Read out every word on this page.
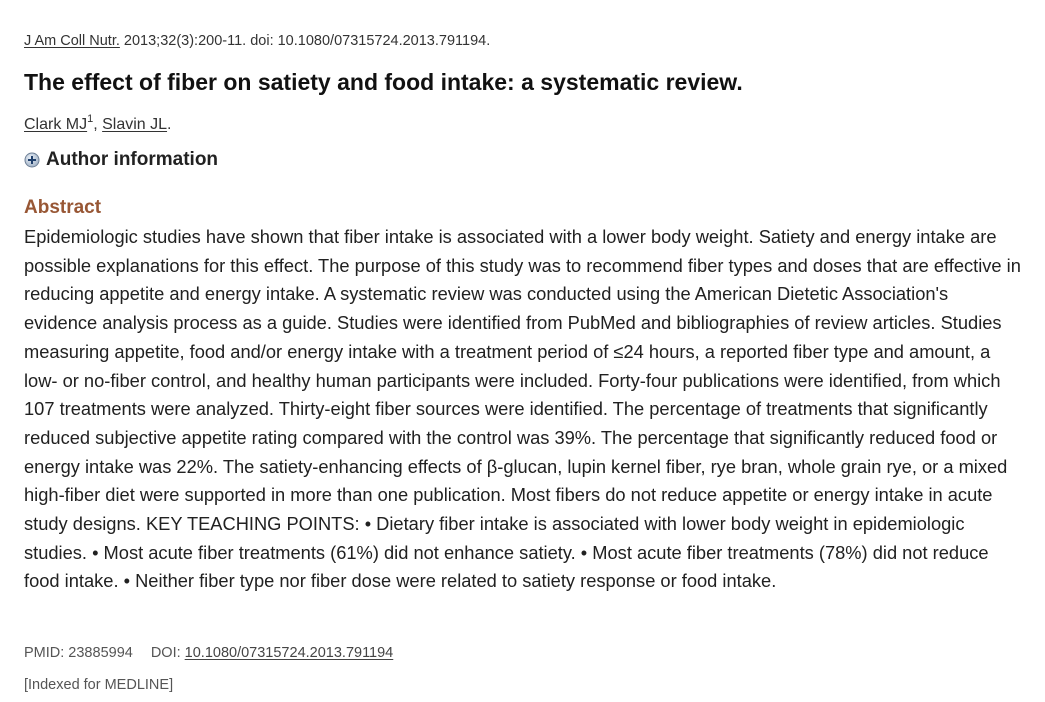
J Am Coll Nutr. 2013;32(3):200-11. doi: 10.1080/07315724.2013.791194.
The effect of fiber on satiety and food intake: a systematic review.
Clark $MJ^1$, Slavin JL.
Author information
Abstract

Epidemiologic studies have shown that fiber intake is associated with a lower body weight. Satiety and energy intake are possible explanations for this effect. The purpose of this study was to recommend fiber types and doses that are effective in reducing appetite and energy intake. A systematic review was conducted using the American Dietetic Association's evidence analysis process as a guide. Studies were identified from PubMed and bibliographies of review articles. Studies measuring appetite, food and/or energy intake with a treatment period of ≤24 hours, a reported fiber type and amount, a low- or no-fiber control, and healthy human participants were included. Forty-four publications were identified, from which 107 treatments were analyzed. Thirty-eight fiber sources were identified. The percentage of treatments that significantly reduced subjective appetite rating compared with the control was 39%. The percentage that significantly reduced food or energy intake was 22%. The satiety-enhancing effects of β-glucan, lupin kernel fiber, rye bran, whole grain rye, or a mixed high-fiber diet were supported in more than one publication. Most fibers do not reduce appetite or energy intake in acute study designs. KEY TEACHING POINTS: • Dietary fiber intake is associated with lower body weight in epidemiologic studies. • Most acute fiber treatments (61%) did not enhance satiety. • Most acute fiber treatments (78%) did not reduce food intake. • Neither fiber type nor fiber dose were related to satiety response or food intake.

PMID: 23885994 DOI: 10.1080/07315724.2013.791194
[Indexed for MEDLINE]
